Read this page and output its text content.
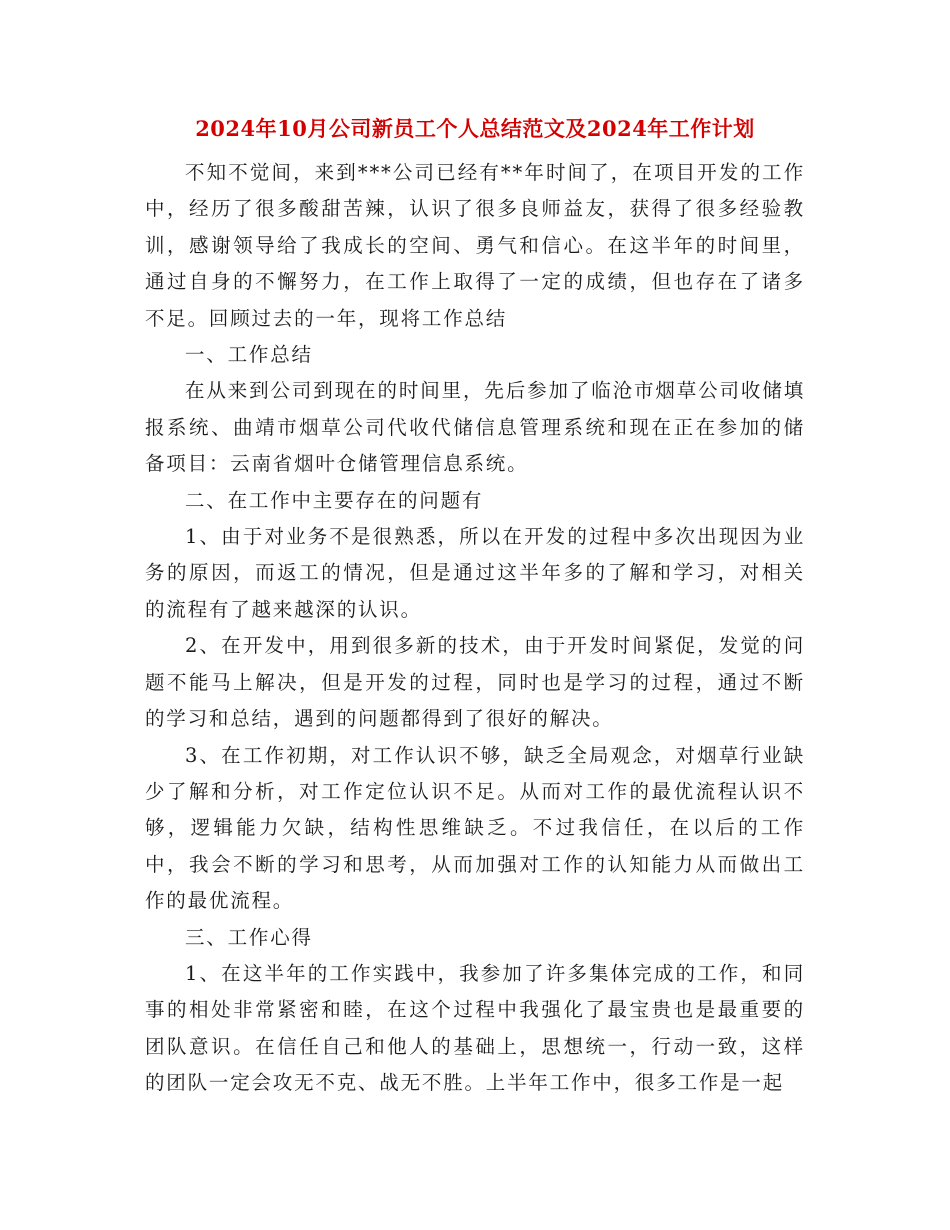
2024年10月公司新员工个人总结范文及2024年工作计划

不知不觉间，来到***公司已经有**年时间了，在项目开发的工作中，经历了很多酸甜苦辣，认识了很多良师益友，获得了很多经验教训，感谢领导给了我成长的空间、勇气和信心。在这半年的时间里，通过自身的不懈努力，在工作上取得了一定的成绩，但也存在了诸多不足。回顾过去的一年，现将工作总结

一、工作总结

在从来到公司到现在的时间里，先后参加了临沧市烟草公司收储填报系统、曲靖市烟草公司代收代储信息管理系统和现在正在参加的储备项目：云南省烟叶仓储管理信息系统。

二、在工作中主要存在的问题有

1、由于对业务不是很熟悉，所以在开发的过程中多次出现因为业务的原因，而返工的情况，但是通过这半年多的了解和学习，对相关的流程有了越来越深的认识。

2、在开发中，用到很多新的技术，由于开发时间紧促，发觉的问题不能马上解决，但是开发的过程，同时也是学习的过程，通过不断的学习和总结，遇到的问题都得到了很好的解决。

3、在工作初期，对工作认识不够，缺乏全局观念，对烟草行业缺少了解和分析，对工作定位认识不足。从而对工作的最优流程认识不够，逻辑能力欠缺，结构性思维缺乏。不过我信任，在以后的工作中，我会不断的学习和思考，从而加强对工作的认知能力从而做出工作的最优流程。

三、工作心得

1、在这半年的工作实践中，我参加了许多集体完成的工作，和同事的相处非常紧密和睦，在这个过程中我强化了最宝贵也是最重要的团队意识。在信任自己和他人的基础上，思想统一，行动一致，这样的团队一定会攻无不克、战无不胜。上半年工作中，很多工作是一起
